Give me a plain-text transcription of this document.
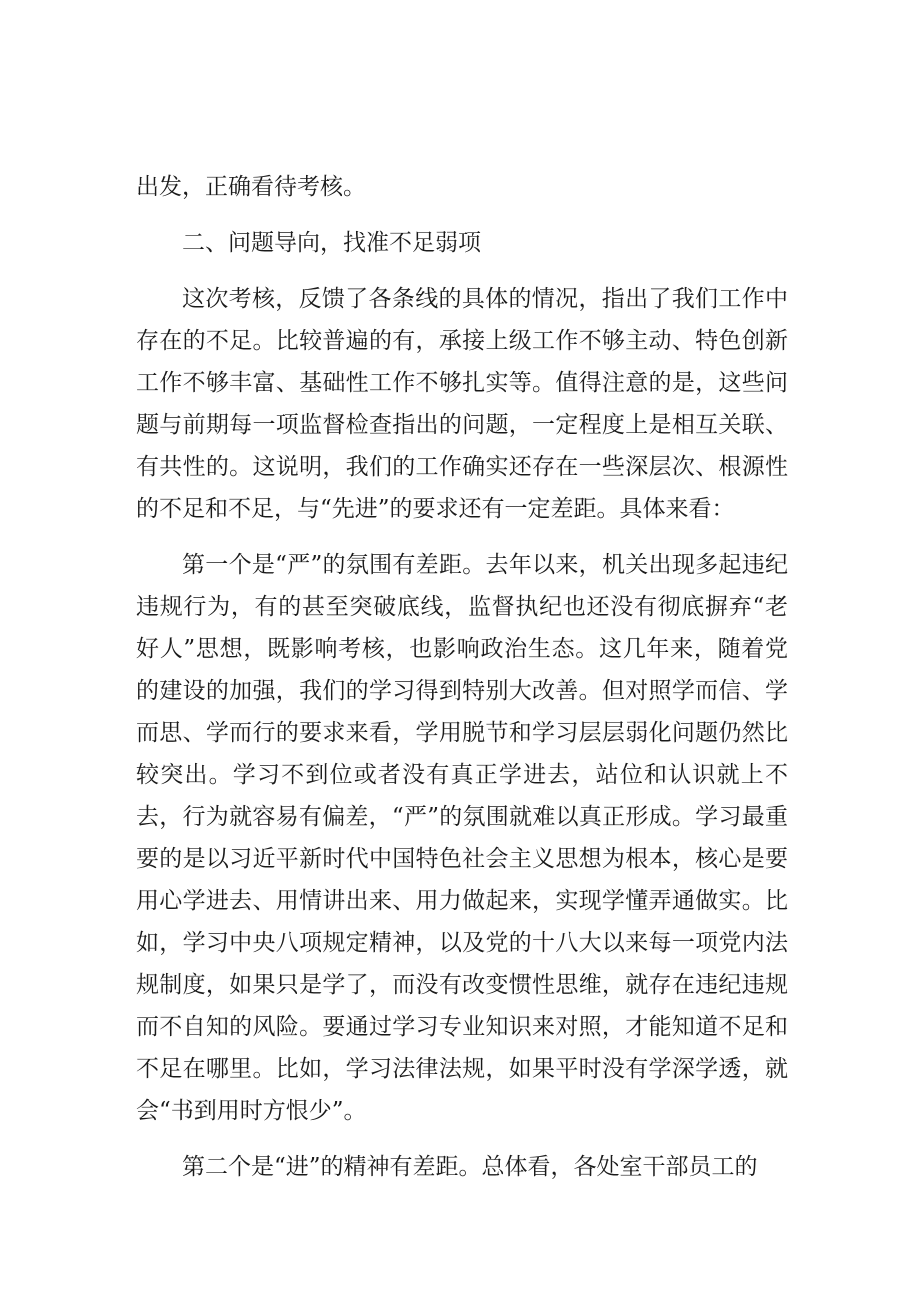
出发，正确看待考核。

二、问题导向，找准不足弱项

这次考核，反馈了各条线的具体的情况，指出了我们工作中存在的不足。比较普遍的有，承接上级工作不够主动、特色创新工作不够丰富、基础性工作不够扎实等。值得注意的是，这些问题与前期每一项监督检查指出的问题，一定程度上是相互关联、有共性的。这说明，我们的工作确实还存在一些深层次、根源性的不足和不足，与“先进”的要求还有一定差距。具体来看：

第一个是“严”的氛围有差距。去年以来，机关出现多起违纪违规行为，有的甚至突破底线，监督执纪也还没有彻底摒弃“老好人”思想，既影响考核，也影响政治生态。这几年来，随着党的建设的加强，我们的学习得到特别大改善。但对照学而信、学而思、学而行的要求来看，学用脱节和学习层层弱化问题仍然比较突出。学习不到位或者没有真正学进去，站位和认识就上不去，行为就容易有偏差，“严”的氛围就难以真正形成。学习最重要的是以习近平新时代中国特色社会主义思想为根本，核心是要用心学进去、用情讲出来、用力做起来，实现学懂弄通做实。比如，学习中央八项规定精神，以及党的十八大以来每一项党内法规制度，如果只是学了，而没有改变惯性思维，就存在违纪违规而不自知的风险。要通过学习专业知识来对照，才能知道不足和不足在哪里。比如，学习法律法规，如果平时没有学深学透，就会“书到用时方恨少”。

第二个是“进”的精神有差距。总体看，各处室干部员工的
